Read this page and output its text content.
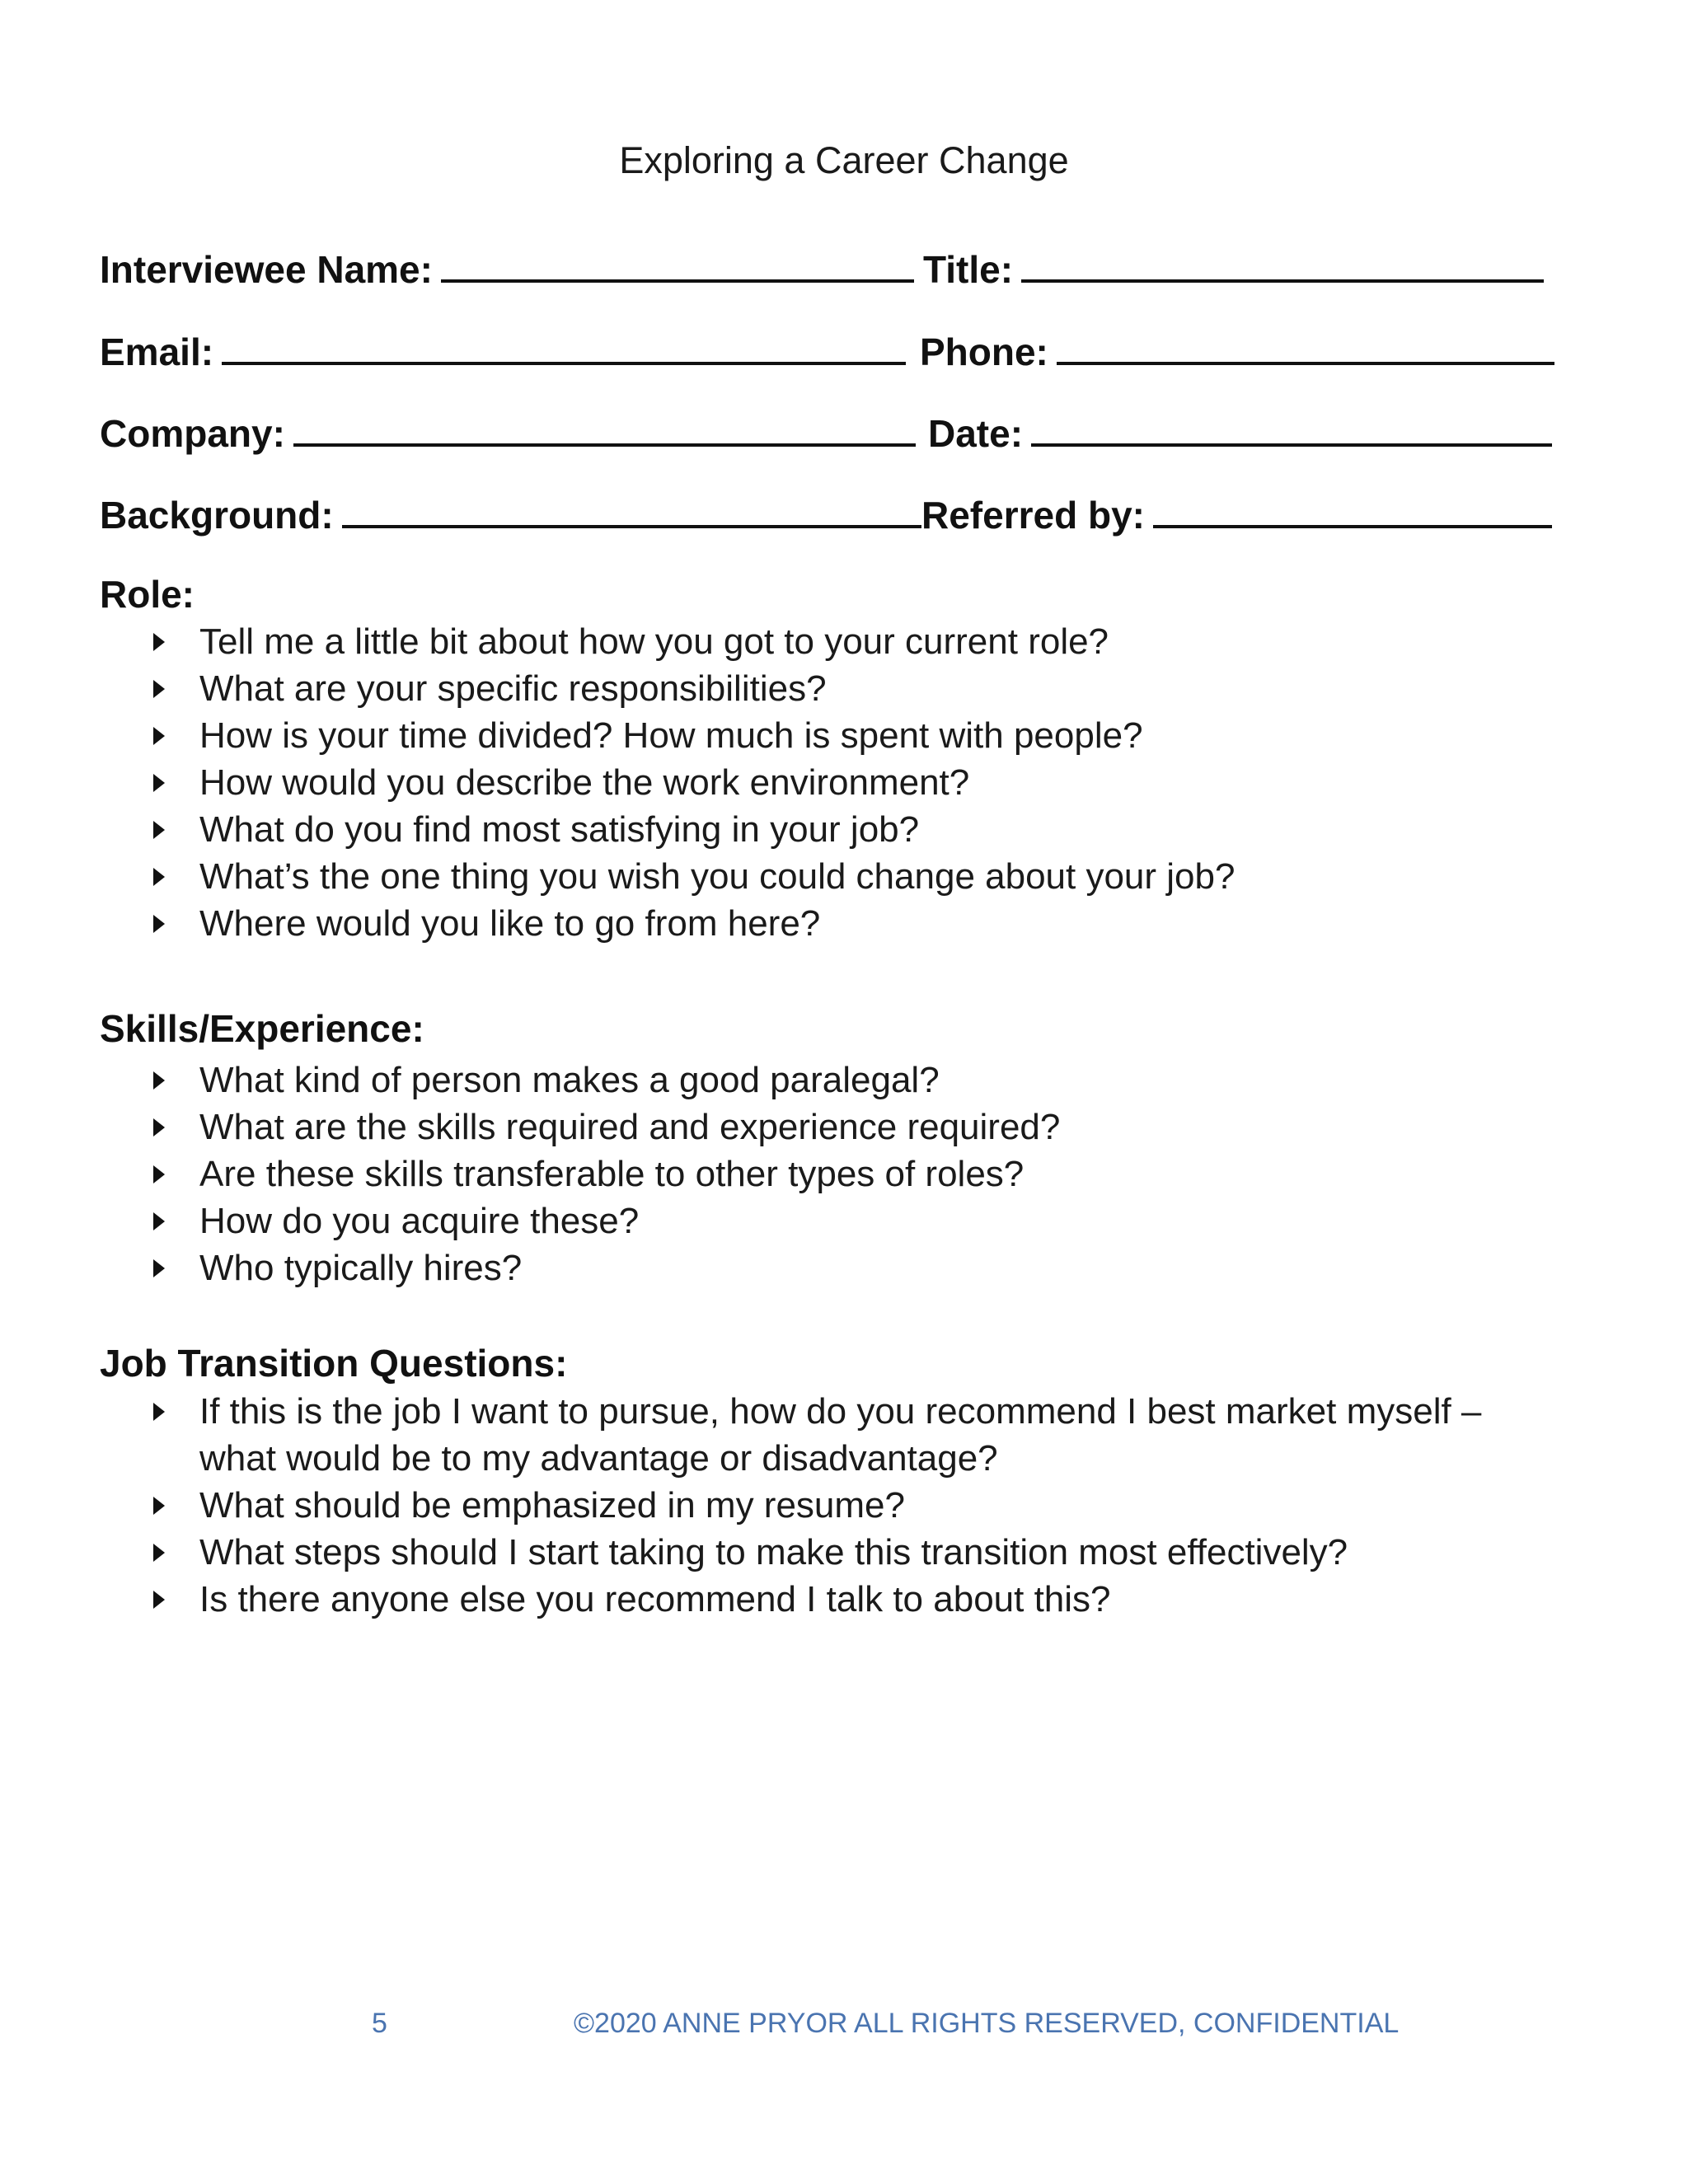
Exploring a Career Change
Interviewee Name:	Title:
Email:	Phone:
Company:	Date:
Background:	Referred by:
Role:
Tell me a little bit about how you got to your current role?
What are your specific responsibilities?
How is your time divided? How much is spent with people?
How would you describe the work environment?
What do you find most satisfying in your job?
What’s the one thing you wish you could change about your job?
Where would you like to go from here?
Skills/Experience:
What kind of person makes a good paralegal?
What are the skills required and experience required?
Are these skills transferable to other types of roles?
How do you acquire these?
Who typically hires?
Job Transition Questions:
If this is the job I want to pursue, how do you recommend I best market myself – what would be to my advantage or disadvantage?
What should be emphasized in my resume?
What steps should I start taking to make this transition most effectively?
Is there anyone else you recommend I talk to about this?
5	©2020 ANNE PRYOR ALL RIGHTS RESERVED, CONFIDENTIAL
